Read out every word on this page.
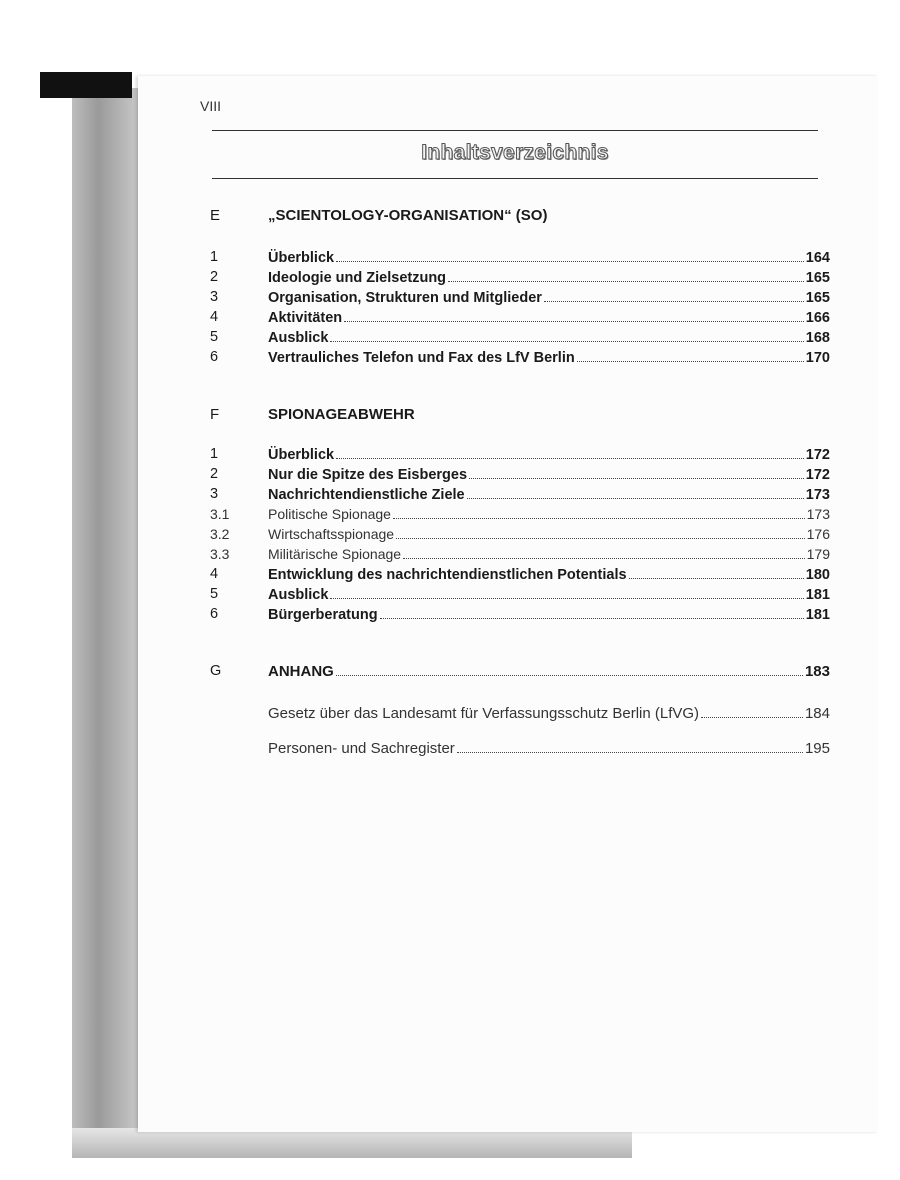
VIII
Inhaltsverzeichnis
E	„SCIENTOLOGY-ORGANISATION“ (SO)
1	Überblick	164
2	Ideologie und Zielsetzung	165
3	Organisation, Strukturen und Mitglieder	165
4	Aktivitäten	166
5	Ausblick	168
6	Vertrauliches Telefon und Fax des LfV Berlin	170
F	SPIONAGEABWEHR
1	Überblick	172
2	Nur die Spitze des Eisberges	172
3	Nachrichtendienstliche Ziele	173
3.1	Politische Spionage	173
3.2	Wirtschaftsspionage	176
3.3	Militärische Spionage	179
4	Entwicklung des nachrichtendienstlichen Potentials	180
5	Ausblick	181
6	Bürgerberatung	181
G	ANHANG	183
Gesetz über das Landesamt für Verfassungsschutz Berlin (LfVG)	184
Personen- und Sachregister	195
